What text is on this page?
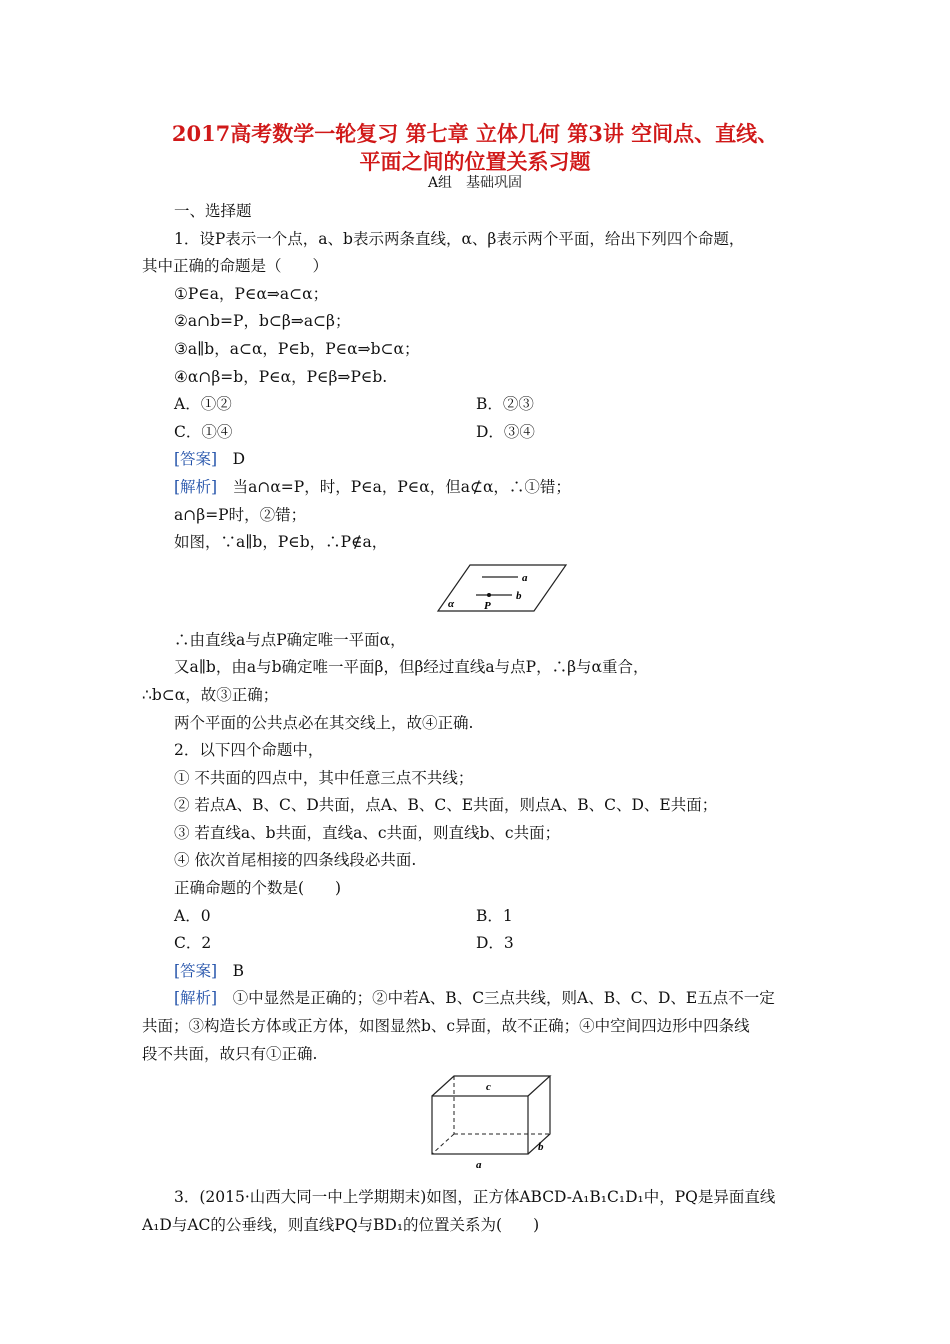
2017高考数学一轮复习 第七章 立体几何 第3讲 空间点、直线、
平面之间的位置关系习题
A组　基础巩固

一、选择题

1．设P表示一个点，a、b表示两条直线，α、β表示两个平面，给出下列四个命题，

其中正确的命题是（　　）

①P∈a，P∈α⇒a⊂α；

②a∩b=P，b⊂β⇒a⊂β；

③a∥b，a⊂α，P∈b，P∈α⇒b⊂α；

④α∩β=b，P∈α，P∈β⇒P∈b.

A．①②	B．②③
C．①④	D．③④

[答案]　D

[解析]　当a∩α=P，时，P∈a，P∈α，但a⊄α，∴①错；

a∩β=P时，②错；

如图，∵a∥b，P∈b，∴P∉a，

a
b
P
α

∴由直线a与点P确定唯一平面α，

又a∥b，由a与b确定唯一平面β，但β经过直线a与点P，∴β与α重合，

∴b⊂α，故③正确；

两个平面的公共点必在其交线上，故④正确.

2．以下四个命题中，

① 不共面的四点中，其中任意三点不共线；

② 若点A、B、C、D共面，点A、B、C、E共面，则点A、B、C、D、E共面；

③ 若直线a、b共面，直线a、c共面，则直线b、c共面；

④ 依次首尾相接的四条线段必共面.

正确命题的个数是(　　)

A．0	B．1
C．2	D．3

[答案]　B

[解析]　①中显然是正确的；②中若A、B、C三点共线，则A、B、C、D、E五点不一定

共面；③构造长方体或正方体，如图显然b、c异面，故不正确；④中空间四边形中四条线

段不共面，故只有①正确.

c
b
a

3．(2015·山西大同一中上学期期末)如图，正方体ABCD-A₁B₁C₁D₁中，PQ是异面直线

A₁D与AC的公垂线，则直线PQ与BD₁的位置关系为(　　)
